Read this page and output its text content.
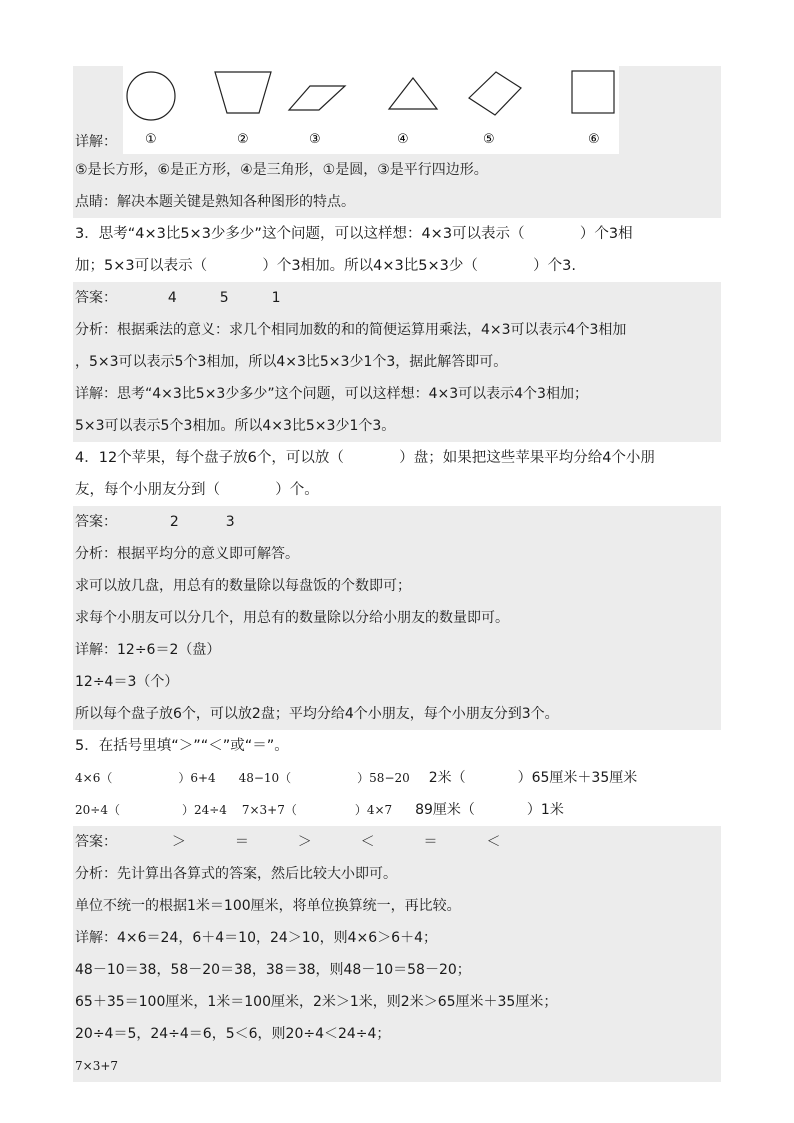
详解： ①	②	③	④	⑤	⑥
⑤是长方形，⑥是正方形，④是三角形，①是圆，③是平行四边形。
点睛：解决本题关键是熟知各种图形的特点。
3．思考“4×3比5×3少多少”这个问题，可以这样想：4×3可以表示（            ）个3相
加；5×3可以表示（            ）个3相加。所以4×3比5×3少（            ）个3.
答案：	4	5	1
分析：根据乘法的意义：求几个相同加数的和的简便运算用乘法，4×3可以表示4个3相加
，5×3可以表示5个3相加，所以4×3比5×3少1个3，据此解答即可。
详解：思考“4×3比5×3少多少”这个问题，可以这样想：4×3可以表示4个3相加；
5×3可以表示5个3相加。所以4×3比5×3少1个3。
4．12个苹果，每个盘子放6个，可以放（            ）盘；如果把这些苹果平均分给4个小朋
友，每个小朋友分到（            ）个。
答案：	2	3
分析：根据平均分的意义即可解答。
求可以放几盘，用总有的数量除以每盘饭的个数即可；
求每个小朋友可以分几个，用总有的数量除以分给小朋友的数量即可。
详解：12÷6＝2（盘）
12÷4＝3（个）
所以每个盘子放6个，可以放2盘；平均分给4个小朋友，每个小朋友分到3个。
5．在括号里填“＞”“＜”或“＝”。
4×6（	）6+4 48−10（	）58−20 2米（	）65厘米＋35厘米
20÷4（	）24÷4 7×3+7（	）4×7 89厘米（	）1米
答案：	＞	＝	＞	＜	＝	＜
分析：先计算出各算式的答案，然后比较大小即可。
单位不统一的根据1米＝100厘米，将单位换算统一，再比较。
详解：4×6＝24，6＋4＝10，24＞10，则4×6＞6＋4；
48－10＝38，58－20＝38，38＝38，则48－10＝58－20；
65＋35＝100厘米，1米＝100厘米，2米＞1米，则2米＞65厘米＋35厘米；
20÷4＝5，24÷4＝6，5＜6，则20÷4＜24÷4；
7×3+7
